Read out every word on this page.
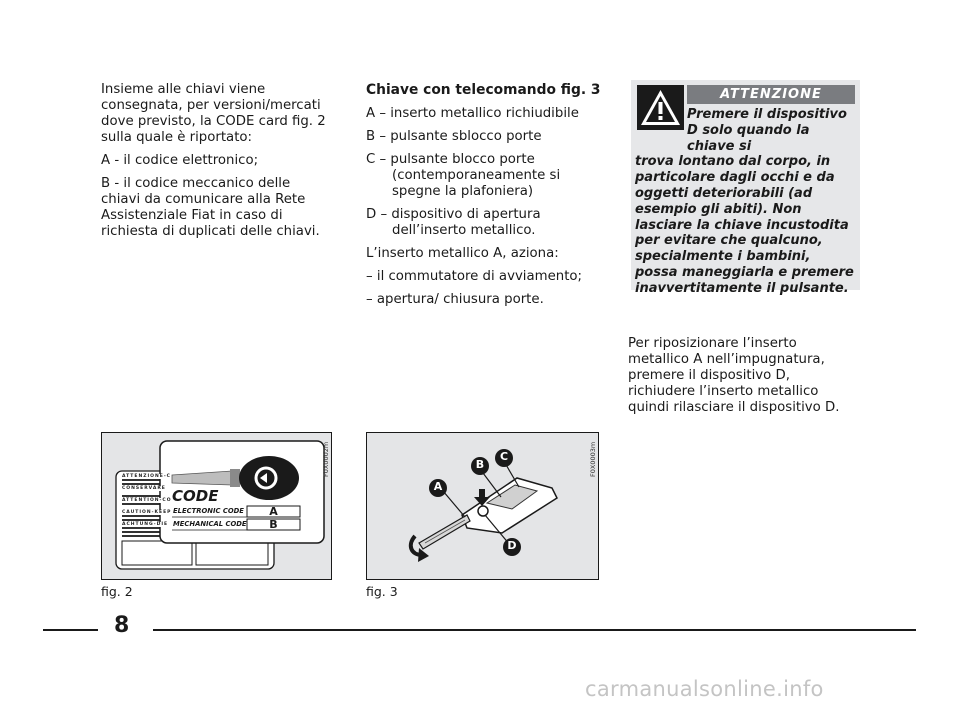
Insieme alle chiavi viene consegnata, per versioni/mercati dove previsto, la CODE card fig. 2 sulla quale è riportato:

A - il codice elettronico;

B - il codice meccanico delle chiavi da comunicare alla Rete Assistenziale Fiat in caso di richiesta di duplicati delle chiavi.

Chiave con telecomando fig. 3

A – inserto metallico richiudibile

B – pulsante sblocco porte

C – pulsante blocco porte (contemporaneamente si spegne la plafoniera)

D – dispositivo di apertura dell’inserto metallico.

L’inserto metallico A, aziona:

– il commutatore di avviamento;

– apertura/ chiusura porte.

ATTENZIONE
Premere il dispositivo D solo quando la chiave si
trova lontano dal corpo, in particolare dagli occhi e da oggetti deteriorabili (ad esempio gli abiti). Non lasciare la chiave incustodita per evitare che qualcuno, specialmente i bambini, possa maneggiarla e premere inavvertitamente il pulsante.

Per riposizionare l’inserto metallico A nell’impugnatura, premere il dispositivo D, richiudere l’inserto metallico quindi rilasciare il dispositivo D.

CODE
ELECTRONIC CODE
MECHANICAL CODE
A
B
F0X0002m
ATTENZIONE-C
CONSERVARE
ATTENTION-CO
CAUTION-KEEP
ACHTUNG-DIE
fig. 2
A
B
C
D
F0X0003m
fig. 3
8
carmanualsonline.info
